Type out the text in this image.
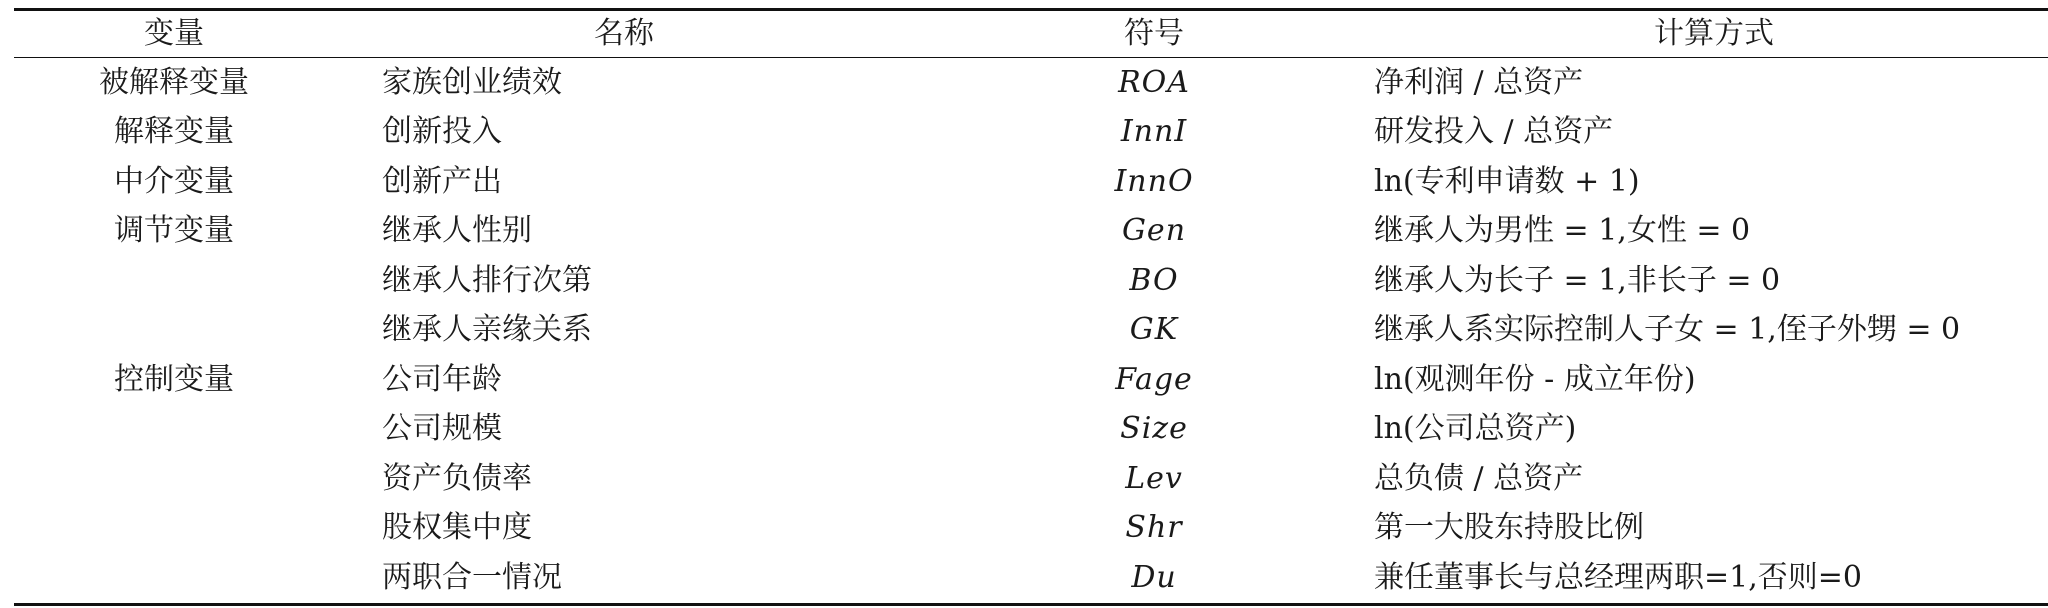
变量	名称	符号	计算方式
被解释变量	家族创业绩效	ROA	净利润 / 总资产
解释变量	创新投入	InnI	研发投入 / 总资产
中介变量	创新产出	InnO	ln(专利申请数 + 1)
调节变量	继承人性别	Gen	继承人为男性 = 1,女性 = 0
	继承人排行次第	BO	继承人为长子 = 1,非长子 = 0
	继承人亲缘关系	GK	继承人系实际控制人子女 = 1,侄子外甥 = 0
控制变量	公司年龄	Fage	ln(观测年份 - 成立年份)
	公司规模	Size	ln(公司总资产)
	资产负债率	Lev	总负债 / 总资产
	股权集中度	Shr	第一大股东持股比例
	两职合一情况	Du	兼任董事长与总经理两职=1,否则=0
